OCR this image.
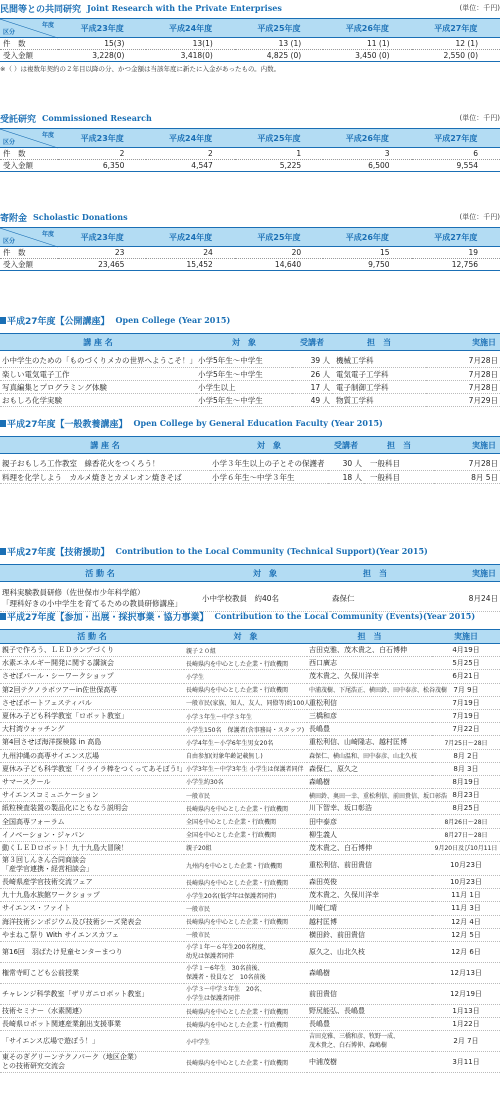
民間等との共同研究 Joint Research with the Private Enterprises	(単位：千円)
年度
区分	平成23年度	平成24年度	平成25年度	平成26年度	平成27年度
件　数	15(3)	13(1)	13 (1)	11 (1)	12 (1)
受入金額	3,228(0)	3,418(0)	4,825 (0)	3,450 (0)	2,550 (0)
※（ ）は複数年契約の２年目以降の分、かつ金額は当該年度に新たに入金があったもの。内数。
受託研究 Commissioned Research	(単位：千円)
年度
区分	平成23年度	平成24年度	平成25年度	平成26年度	平成27年度
件　数	2	2	1	3	6
受入金額	6,350	4,547	5,225	6,500	9,554
寄附金 Scholastic Donations	(単位：千円)
年度
区分	平成23年度	平成24年度	平成25年度	平成26年度	平成27年度
件　数	23	24	20	15	19
受入金額	23,465	15,452	14,640	9,750	12,756
平成27年度【公開講座】 Open College (Year 2015)
講 座 名	対　象	受講者	担　当	実施日

小中学生のための「ものづくりメカの世界へようこそ！」	小学5年生〜中学生	39 人	機械工学科	7月28日
楽しい電気電子工作	小学5年生〜中学生	26 人	電気電子工学科	7月28日
写真編集とプログラミング体験	小学生以上	17 人	電子制御工学科	7月28日
おもしろ化学実験	小学5年生〜中学生	49 人	物質工学科	7月29日
平成27年度【一般教養講座】 Open College by General Education Faculty (Year 2015)
講 座 名	対　象	受講者	担　当	実施日

親子おもしろ工作教室　線香花火をつくろう！	小学３年生以上の子とその保護者	30 人	一般科目	7月28日
料理を化学しよう　カルメ焼きとカメレオン焼きそば	小学６年生〜中学３年生	18 人	一般科目	8月 5日
平成27年度【技術援助】 Contribution to the Local Community (Technical Support)(Year 2015)
活 動 名	対　象	担　当	実施日

理科実験教員研修（佐世保市少年科学館）
「理科好きの小中学生を育てるための教員研修講座」	小中学校教員　約40名	森保仁	8月24日
平成27年度【参加・出展・採択事業・協力事業】 Contribution to the Local Community (Events)(Year 2015)
活 動 名	対　象	担　当	実施日
親子で作ろう、ＬＥＤランプづくり	親子２０組	吉田克雅、茂木貴之、白石博伸	4月19日
水素エネルギー開発に関する講演会	長崎県内を中心とした企業・行政機関	西口廣志	5月25日
させぼパール・シーワークショップ	小学生	茂木貴之、久保川洋幸	6月21日
第2回テクノラボツアーin佐世保高専	長崎県内を中心とした企業・行政機関	中浦茂樹、下尾浩正、横田鈴、田中泰彦、松谷茂樹	7月 9日
させぼボートフェスティバル	一般市民(家族、知人、友人、同僚等)約100人	重松利信	7月19日
夏休み子ども科学教室「ロボット教室」	小学３年生〜中学３年生	三橋和彦	7月19日
大村湾ウォッチング	小学生150名　保護者(含事務局・スタッフ)	長嶋豊	7月22日
第4回させぼ海洋探検隊 in 高島	小学4年生〜小学6年生男女20名	重松利信、山崎隆志、越村匡博	7月25日〜28日
九州沖縄の高専サイエンス広場	自由参加(対象年齢記載無し)	森保仁、横山温和、田中泰彦、山北久枝	8月 2日
夏休み子ども科学教室「イライラ棒をつくってあそぼう!」	小学3年生〜中学3年生 小学生は保護者同伴	森保仁、原久之	8月 3日
サマースクール	小学生約30名	森嶋樹	8月19日
サイエンスコミュニケーション	一般市民	横田鈴、奥田一幸、重松利信、前田貴信、坂口彰浩	8月23日
紙粒検査装置の製品化にともなう説明会	長崎県内を中心とした企業・行政機関	川下智幸、坂口彰浩	8月25日
全国高専フォーラム	全国を中心とした企業・行政機関	田中泰彦	8月26日〜28日
イノベーション・ジャパン	全国を中心とした企業・行政機関	柳生義人	8月27日〜28日
動くＬＥＤロボット！九十九島大冒険！	親子20組	茂木貴之、白石博伸	9月20日及び10月11日

第３回しんきん合同商談会
「産学官連携・経営相談会」	九州内を中心とした企業・行政機関	重松利信、前田貴信	10月23日
長崎県産学官技術交流フェア	長崎県内を中心とした企業・行政機関	森田英俊	10月23日
九十九島水族館ワークショップ	小学生20名(低学年は保護者同伴)	茂木貴之、久保川洋幸	11月 1日
サイエンス・ファイト	一般市民	川崎仁晴	11月 3日
海洋技術シンポジウム及び技術シーズ発表会	長崎県内を中心とした企業・行政機関	越村匡博	12月 4日
やまねこ祭り With サイエンスカフェ	一般市民	横田鈴、前田貴信	12月 5日
第16回　羽ばたけ児童センターまつり	小学１年〜６年生200名程度、
幼児は保護者同伴	原久之、山北久枝	12月 6日
権常寺町こども公前授業	小学１〜6年生　30名前後、
保護者・役員など　10名前後	森嶋樹	12月13日
チャレンジ科学教室「ザリガニロボット教室」	小学３〜中学３年生　20名、
小学生は保護者同伴	前田貴信	12月19日
技術セミナー（水素関連）	長崎県内を中心とした企業・行政機関	野尻能弘、長嶋豊	1月13日
長崎県ロボット関連産業創出支援事業	長崎県内を中心とした企業・行政機関	長嶋豊	1月22日
「サイエンス広場で遊ぼう！」	小中学生	吉田克雅、三橋和彦、牧野一成、
茂木貴之、白石博伸、森嶋樹	2月 7日

東そのぎグリーンテクノパーク（地区企業）
との技術研究交流会	長崎県内を中心とした企業・行政機関	中浦茂樹	3月11日
